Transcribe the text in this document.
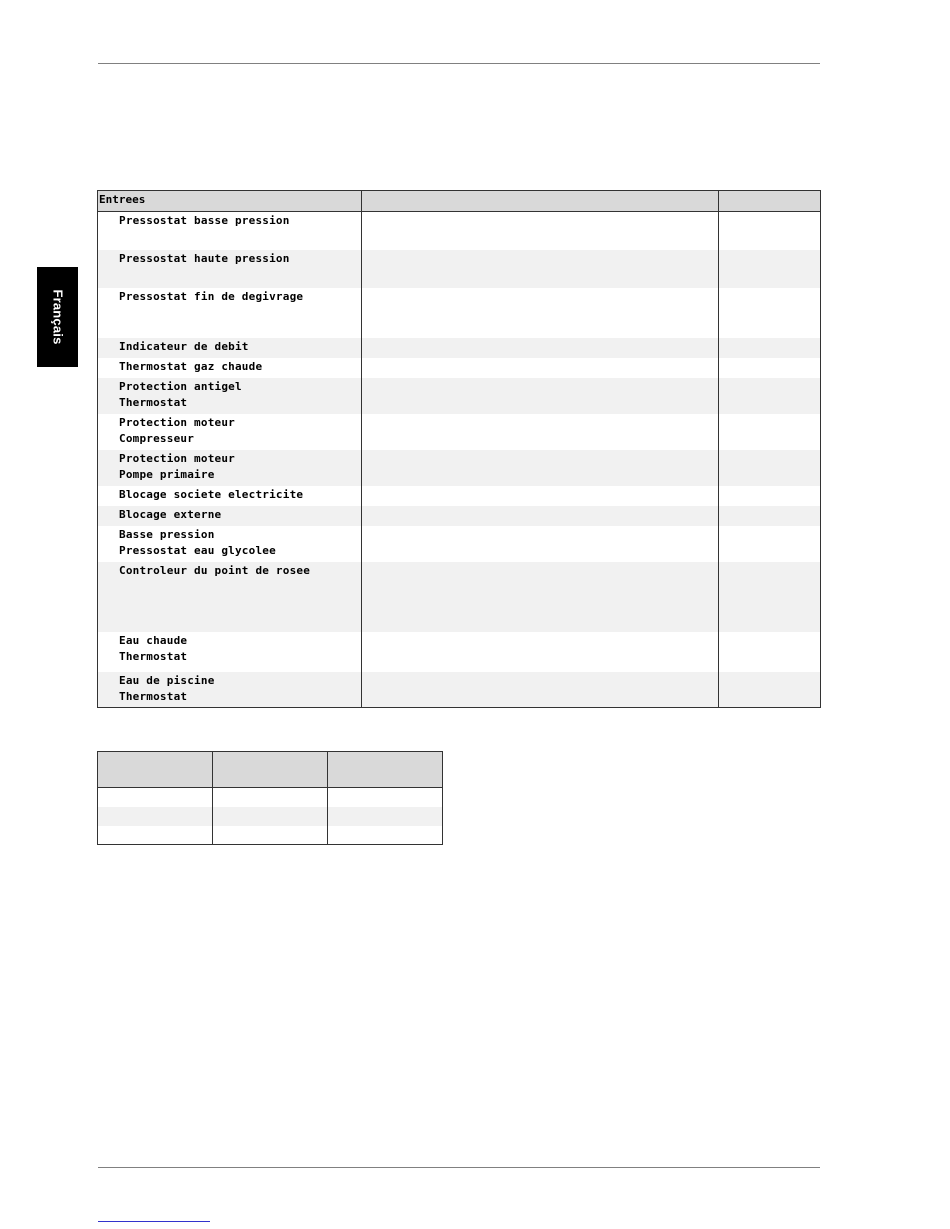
Français
Entrees
Pressostat basse pression
Pressostat haute pression
Pressostat fin de degivrage
Indicateur de debit
Thermostat gaz chaude
Protection antigel
Thermostat
Protection moteur
Compresseur
Protection moteur
Pompe primaire
Blocage societe electricite
Blocage externe
Basse pression
Pressostat eau glycolee
Controleur du point de rosee
Eau chaude
Thermostat
Eau de piscine
Thermostat
